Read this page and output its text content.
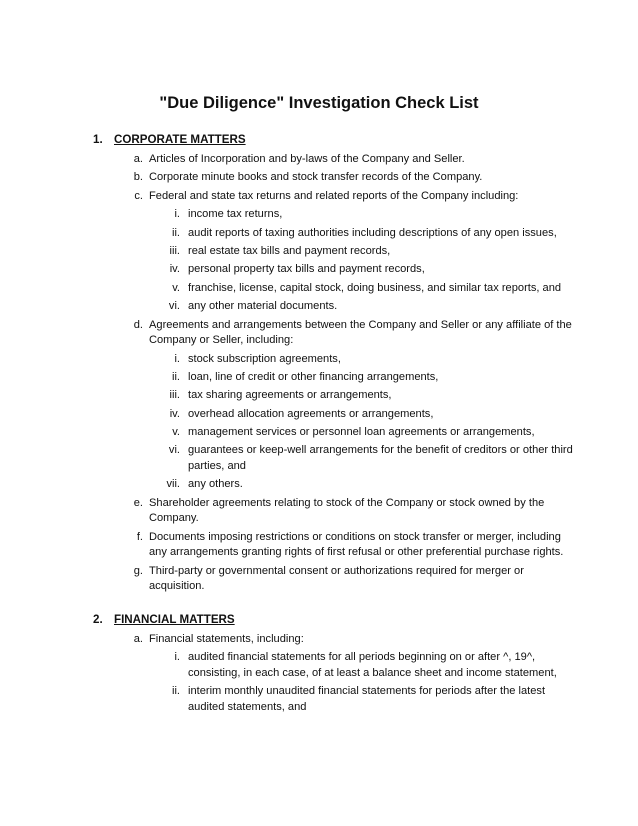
"Due Diligence" Investigation Check List
1. CORPORATE MATTERS
a. Articles of Incorporation and by-laws of the Company and Seller.
b. Corporate minute books and stock transfer records of the Company.
c. Federal and state tax returns and related reports of the Company including:
i. income tax returns,
ii. audit reports of taxing authorities including descriptions of any open issues,
iii. real estate tax bills and payment records,
iv. personal property tax bills and payment records,
v. franchise, license, capital stock, doing business, and similar tax reports, and
vi. any other material documents.
d. Agreements and arrangements between the Company and Seller or any affiliate of the Company or Seller, including:
i. stock subscription agreements,
ii. loan, line of credit or other financing arrangements,
iii. tax sharing agreements or arrangements,
iv. overhead allocation agreements or arrangements,
v. management services or personnel loan agreements or arrangements,
vi. guarantees or keep-well arrangements for the benefit of creditors or other third parties, and
vii. any others.
e. Shareholder agreements relating to stock of the Company or stock owned by the Company.
f. Documents imposing restrictions or conditions on stock transfer or merger, including any arrangements granting rights of first refusal or other preferential purchase rights.
g. Third-party or governmental consent or authorizations required for merger or acquisition.
2. FINANCIAL MATTERS
a. Financial statements, including:
i. audited financial statements for all periods beginning on or after ^, 19^, consisting, in each case, of at least a balance sheet and income statement,
ii. interim monthly unaudited financial statements for periods after the latest audited statements, and
